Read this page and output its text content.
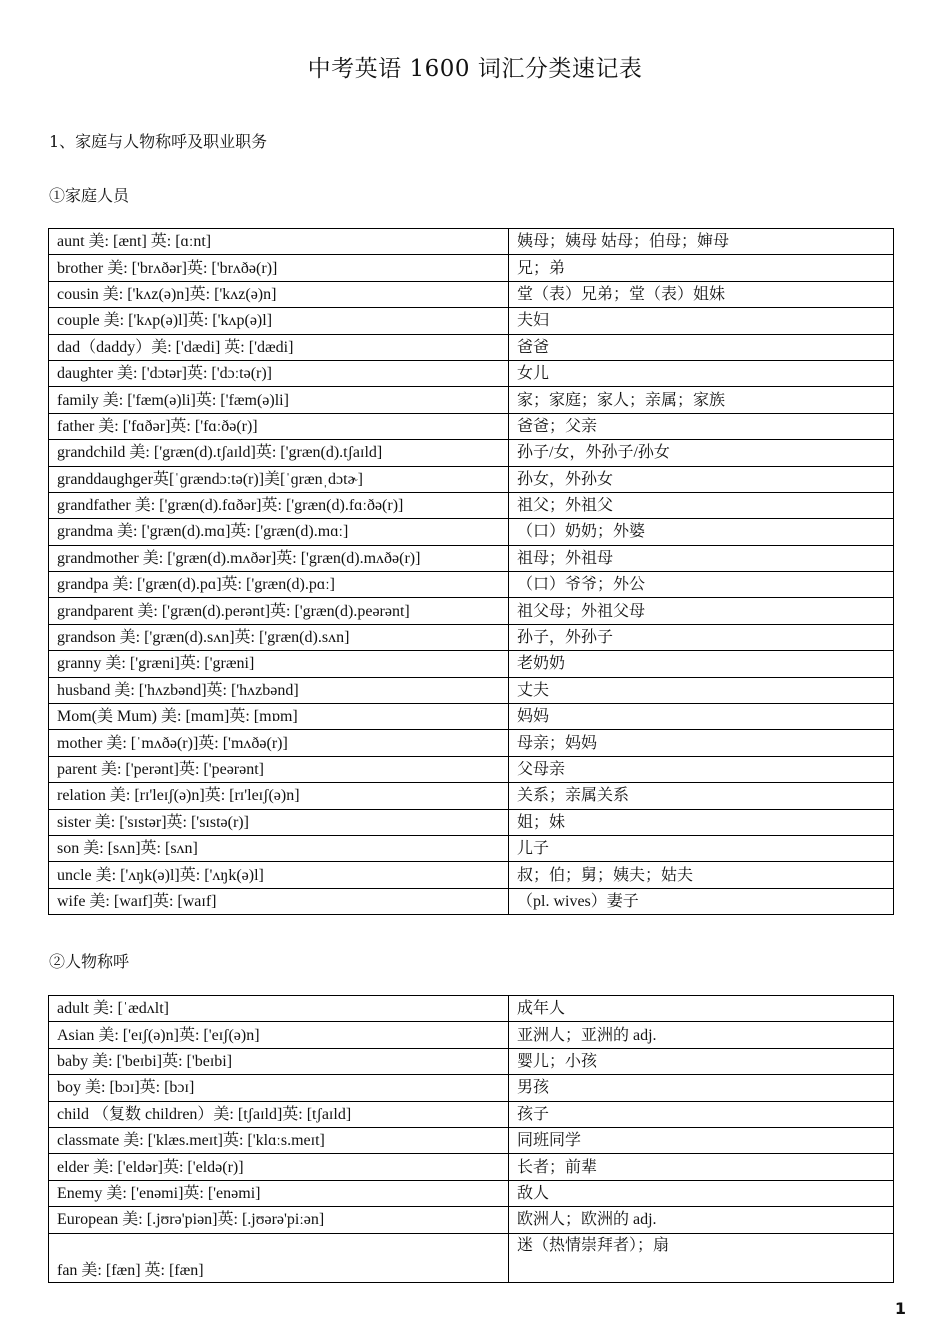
中考英语 1600 词汇分类速记表
1、家庭与人物称呼及职业职务
①家庭人员
aunt 美: [ænt] 英: [ɑːnt]	姨母；姨母 姑母；伯母；婶母
brother 美: ['brʌðər]英: ['brʌðə(r)]	兄；弟
cousin 美: ['kʌz(ə)n]英: ['kʌz(ə)n]	堂（表）兄弟；堂（表）姐妹
couple 美: ['kʌp(ə)l]英: ['kʌp(ə)l]	夫妇
dad（daddy）美: ['dædi] 英: ['dædi]	爸爸
daughter 美: ['dɔtər]英: ['dɔːtə(r)]	女儿
family 美: ['fæm(ə)li]英: ['fæm(ə)li]	家；家庭；家人；亲属；家族
father 美: ['fɑðər]英: ['fɑːðə(r)]	爸爸；父亲
grandchild 美: ['græn(d).tʃaɪld]英: ['græn(d).tʃaɪld]	孙子/女，外孙子/孙女
granddaughger英[ˈɡrændɔːtə(r)]美[ˈɡrænˌdɔtɚ]	孙女，外孙女
grandfather 美: ['græn(d).fɑðər]英: ['græn(d).fɑːðə(r)]	祖父；外祖父
grandma 美: ['græn(d).mɑ]英: ['græn(d).mɑː]	（口）奶奶；外婆
grandmother 美: ['græn(d).mʌðər]英: ['græn(d).mʌðə(r)]	祖母；外祖母
grandpa 美: ['græn(d).pɑ]英: ['græn(d).pɑː]	（口）爷爷；外公
grandparent 美: ['græn(d).perənt]英: ['græn(d).peərənt]	祖父母；外祖父母
grandson 美: ['græn(d).sʌn]英: ['græn(d).sʌn]	孙子，外孙子
granny 美: ['græni]英: ['græni]	老奶奶
husband 美: ['hʌzbənd]英: ['hʌzbənd]	丈夫
Mom(美 Mum) 美: [mɑm]英: [mɒm]	妈妈
mother 美: [ˈmʌðə(r)]英: ['mʌðə(r)]	母亲；妈妈
parent 美: ['perənt]英: ['peərənt]	父母亲
relation 美: [rɪ'leɪʃ(ə)n]英: [rɪ'leɪʃ(ə)n]	关系；亲属关系
sister 美: ['sɪstər]英: ['sɪstə(r)]	姐；妹
son 美: [sʌn]英: [sʌn]	儿子
uncle 美: ['ʌŋk(ə)l]英: ['ʌŋk(ə)l]	叔；伯；舅；姨夫；姑夫
wife 美: [waɪf]英: [waɪf]	（pl. wives）妻子
②人物称呼
adult 美: [ˈædʌlt]	成年人
Asian 美: ['eɪʃ(ə)n]英: ['eɪʃ(ə)n]	亚洲人；亚洲的 adj.
baby 美: ['beɪbi]英: ['beɪbi]	婴儿；小孩
boy 美: [bɔɪ]英: [bɔɪ]	男孩
child （复数 children）美: [tʃaɪld]英: [tʃaɪld]	孩子
classmate 美: ['klæs.meɪt]英: ['klɑːs.meɪt]	同班同学
elder 美: ['eldər]英: ['eldə(r)]	长者；前辈
Enemy 美: ['enəmi]英: ['enəmi]	敌人
European 美: [.jʊrə'piən]英: [.jʊərə'piːən]	欧洲人；欧洲的 adj.
fan 美: [fæn] 英: [fæn]	迷（热情崇拜者）；扇
1
